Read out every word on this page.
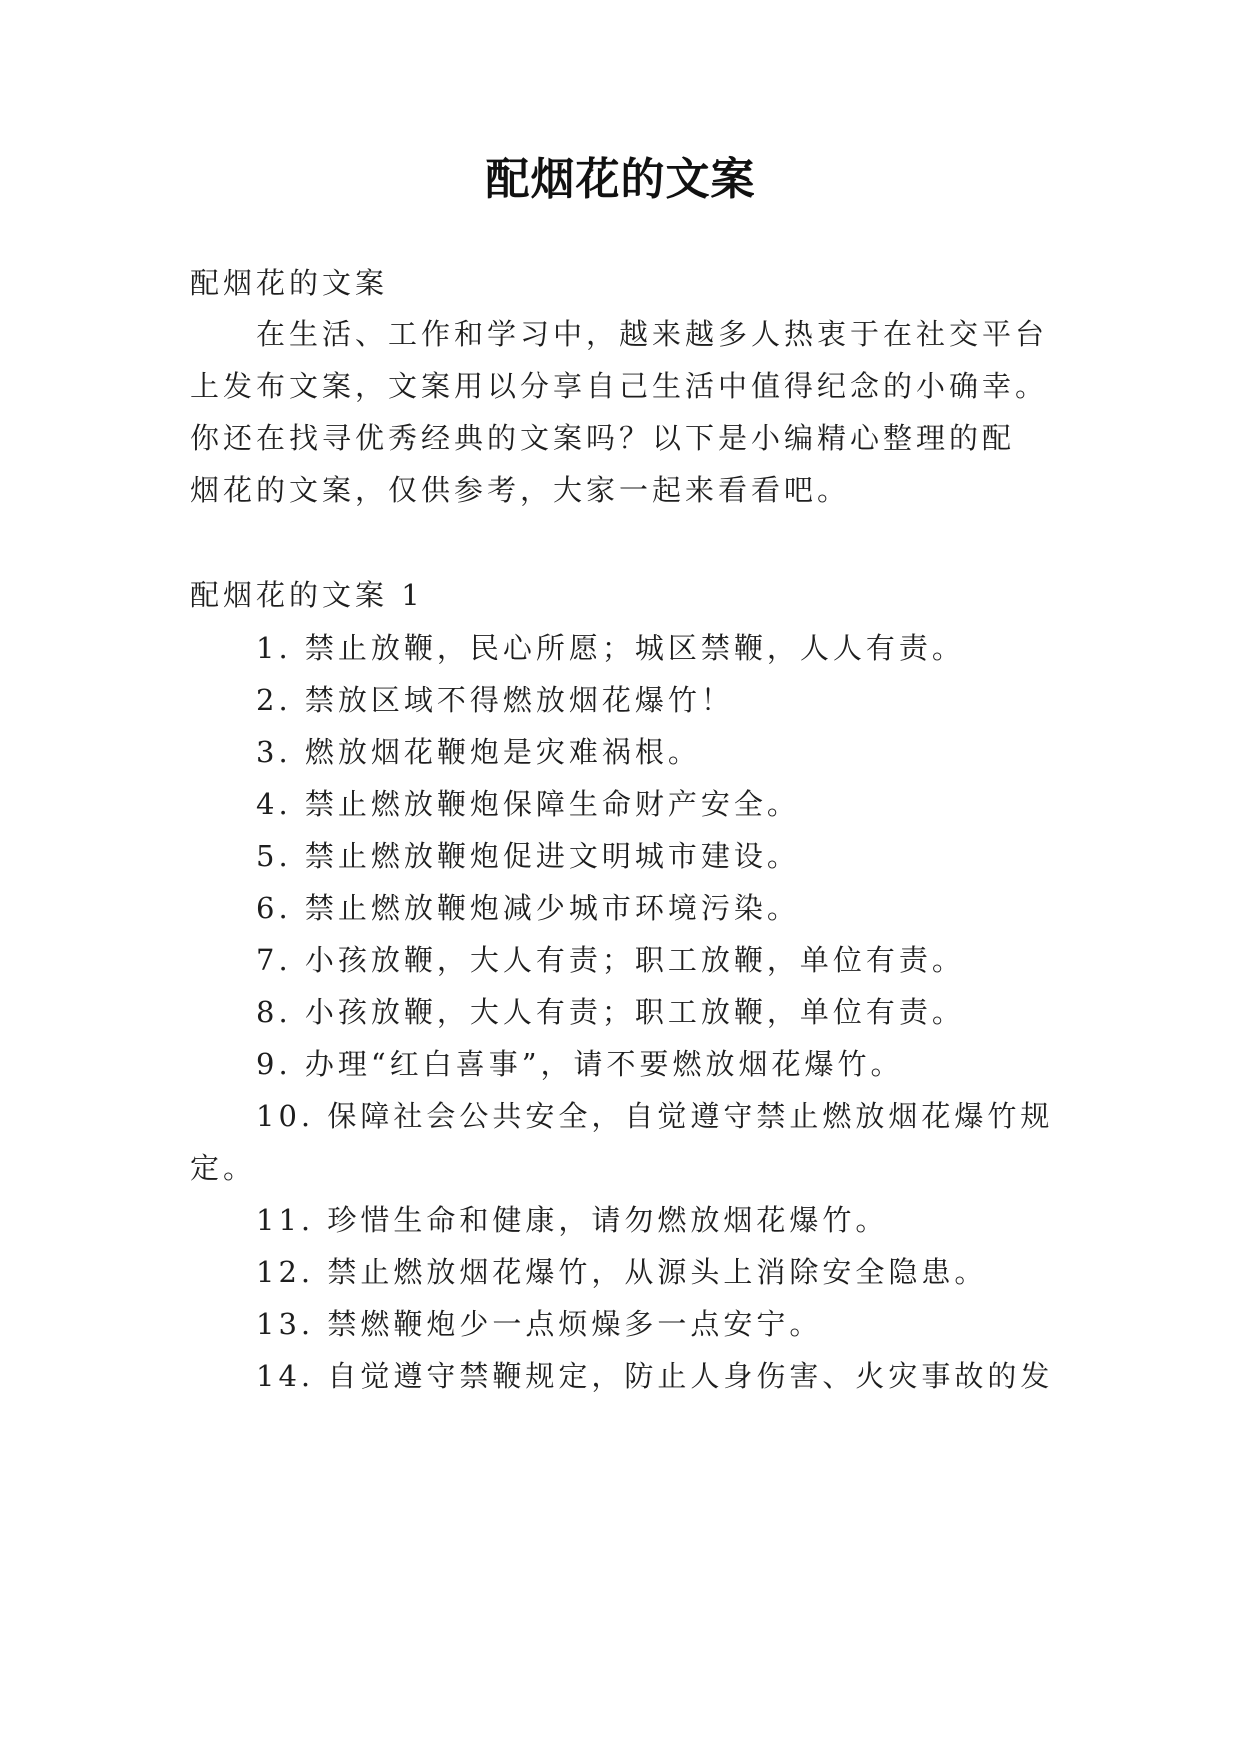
配烟花的文案
配烟花的文案
在生活、工作和学习中，越来越多人热衷于在社交平台
上发布文案，文案用以分享自己生活中值得纪念的小确幸。
你还在找寻优秀经典的文案吗？以下是小编精心整理的配
烟花的文案，仅供参考，大家一起来看看吧。
配烟花的文案 1
1. 禁止放鞭，民心所愿；城区禁鞭，人人有责。
2. 禁放区域不得燃放烟花爆竹！
3. 燃放烟花鞭炮是灾难祸根。
4. 禁止燃放鞭炮保障生命财产安全。
5. 禁止燃放鞭炮促进文明城市建设。
6. 禁止燃放鞭炮减少城市环境污染。
7. 小孩放鞭，大人有责；职工放鞭，单位有责。
8. 小孩放鞭，大人有责；职工放鞭，单位有责。
9. 办理“红白喜事”，请不要燃放烟花爆竹。
10. 保障社会公共安全，自觉遵守禁止燃放烟花爆竹规
定。
11. 珍惜生命和健康，请勿燃放烟花爆竹。
12. 禁止燃放烟花爆竹，从源头上消除安全隐患。
13. 禁燃鞭炮少一点烦燥多一点安宁。
14. 自觉遵守禁鞭规定，防止人身伤害、火灾事故的发
